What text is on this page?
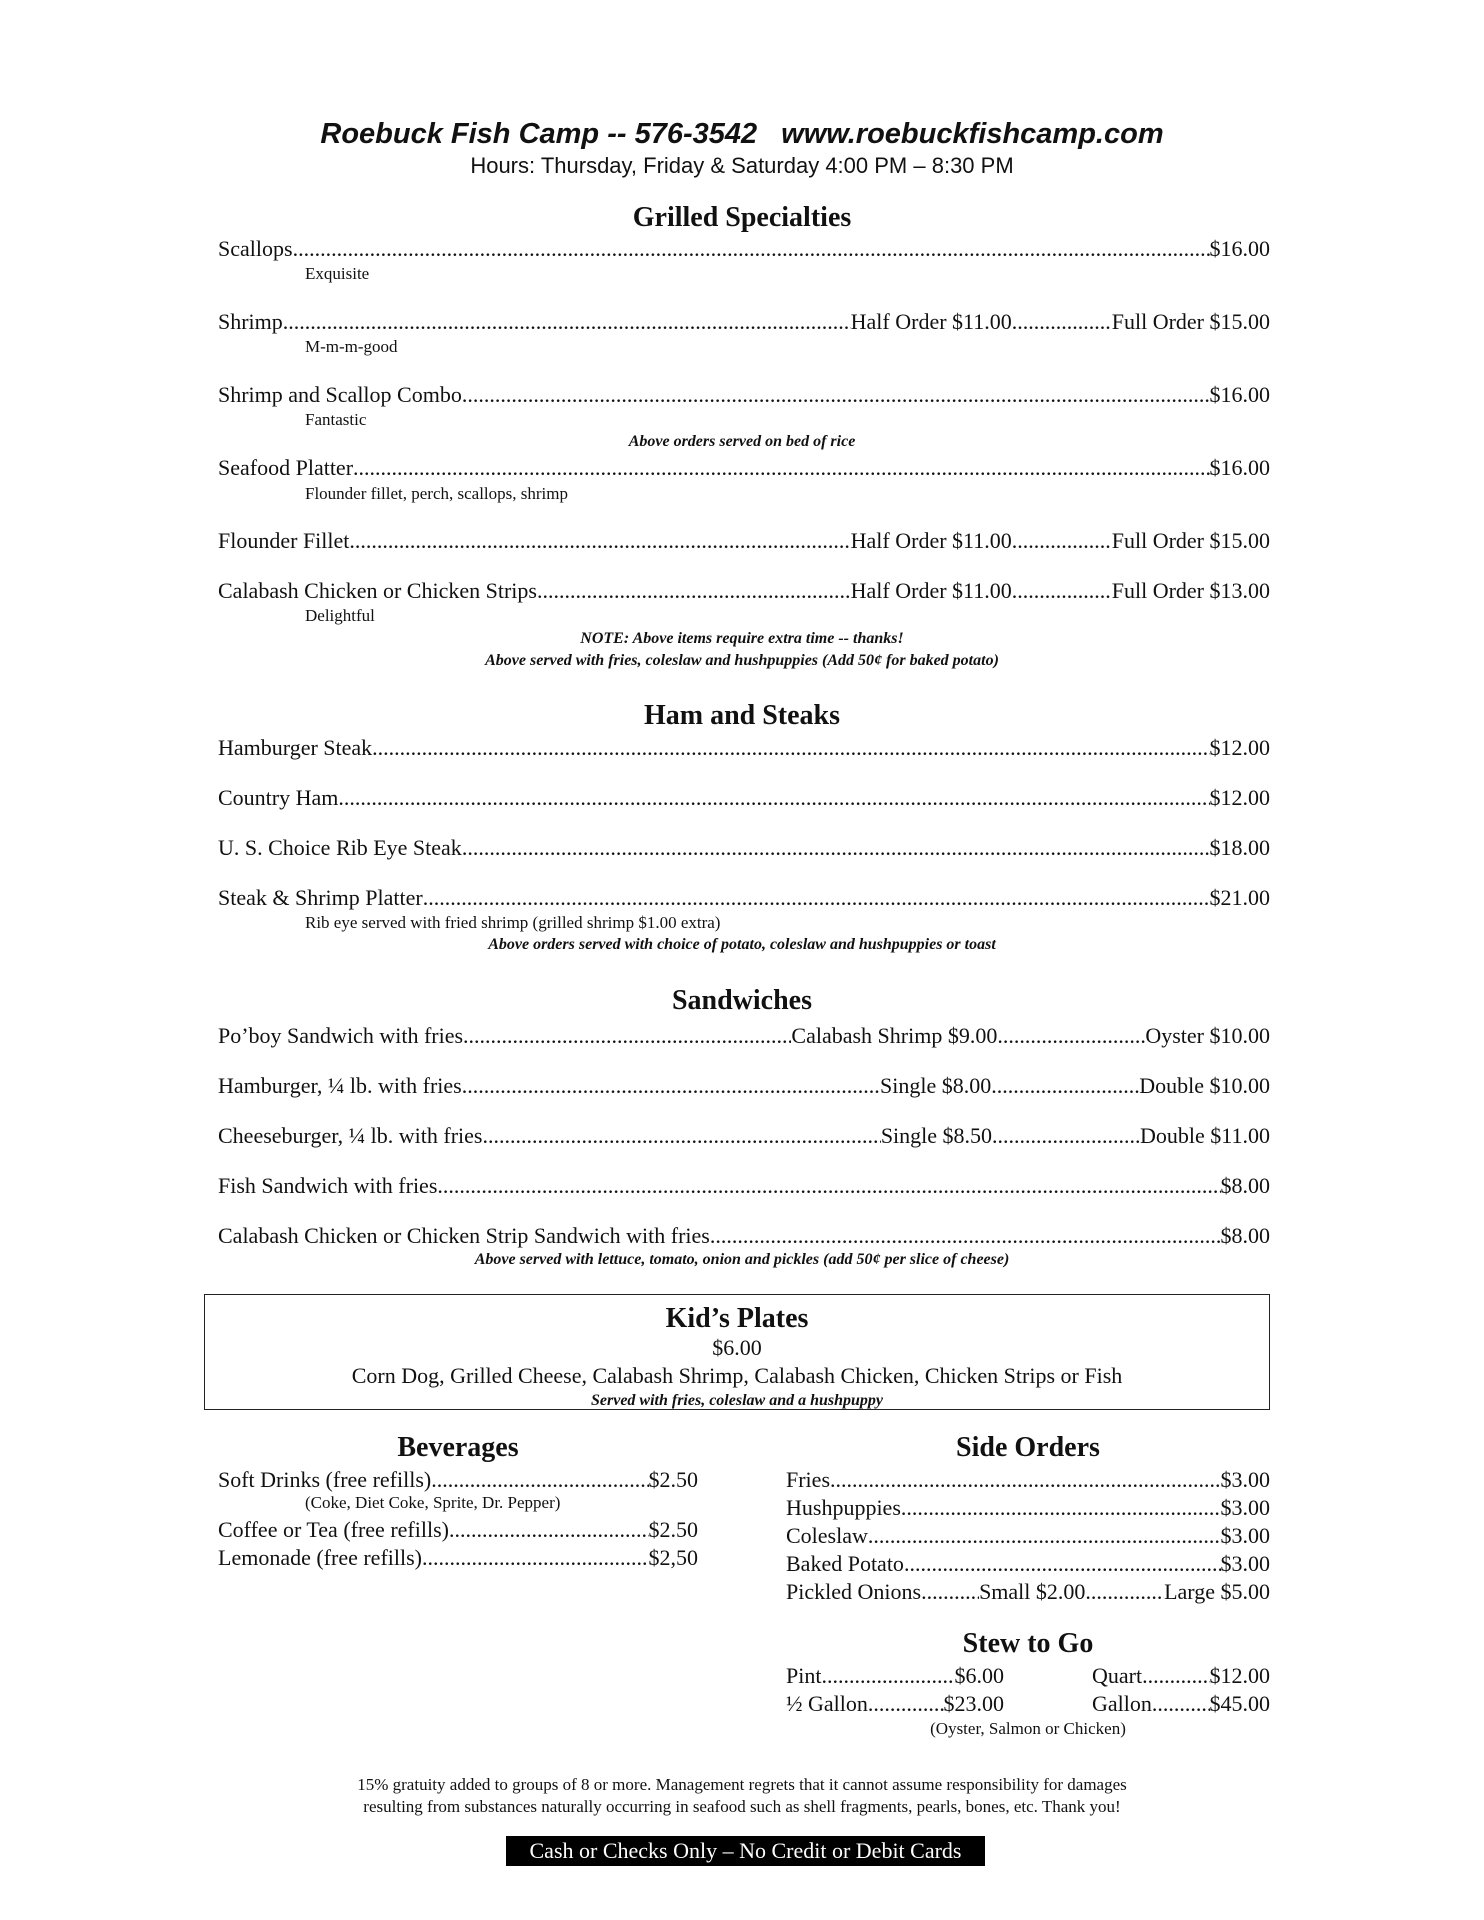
Roebuck Fish Camp -- 576-3542 www.roebuckfishcamp.com
Hours: Thursday, Friday & Saturday 4:00 PM – 8:30 PM
Grilled Specialties
Scallops .....	$16.00
Exquisite
Shrimp .....	Half Order $11.00 .....	Full Order $15.00
M-m-m-good
Shrimp and Scallop Combo .....	$16.00
Fantastic
Above orders served on bed of rice
Seafood Platter .....	$16.00
Flounder fillet, perch, scallops, shrimp
Flounder Fillet .....	Half Order $11.00 .....	Full Order $15.00
Calabash Chicken or Chicken Strips .....	Half Order $11.00 .....	Full Order $13.00
Delightful
NOTE: Above items require extra time -- thanks!
Above served with fries, coleslaw and hushpuppies (Add 50¢ for baked potato)
Ham and Steaks
Hamburger Steak .....	$12.00
Country Ham .....	$12.00
U. S. Choice Rib Eye Steak .....	$18.00
Steak & Shrimp Platter .....	$21.00
Rib eye served with fried shrimp (grilled shrimp $1.00 extra)
Above orders served with choice of potato, coleslaw and hushpuppies or toast
Sandwiches
Po’boy Sandwich with fries .....	Calabash Shrimp $9.00 .....	Oyster $10.00
Hamburger, ¼ lb. with fries .....	Single $8.00 .....	Double $10.00
Cheeseburger, ¼ lb. with fries .....	Single $8.50 .....	Double $11.00
Fish Sandwich with fries .....	$8.00
Calabash Chicken or Chicken Strip Sandwich with fries .....	$8.00
Above served with lettuce, tomato, onion and pickles (add 50¢ per slice of cheese)
Kid’s Plates
$6.00
Corn Dog, Grilled Cheese, Calabash Shrimp, Calabash Chicken, Chicken Strips or Fish
Served with fries, coleslaw and a hushpuppy
Beverages
Soft Drinks (free refills) .....	$2.50
(Coke, Diet Coke, Sprite, Dr. Pepper)
Coffee or Tea (free refills) .....	$2.50
Lemonade (free refills) .....	$2,50
Side Orders
Fries .....	$3.00
Hushpuppies .....	$3.00
Coleslaw .....	$3.00
Baked Potato .....	$3.00
Pickled Onions .....	Small $2.00 .....	Large $5.00
Stew to Go
Pint .....	$6.00	Quart .....	$12.00
½ Gallon .....	$23.00	Gallon .....	$45.00
(Oyster, Salmon or Chicken)
15% gratuity added to groups of 8 or more. Management regrets that it cannot assume responsibility for damages
resulting from substances naturally occurring in seafood such as shell fragments, pearls, bones, etc. Thank you!
Cash or Checks Only – No Credit or Debit Cards
